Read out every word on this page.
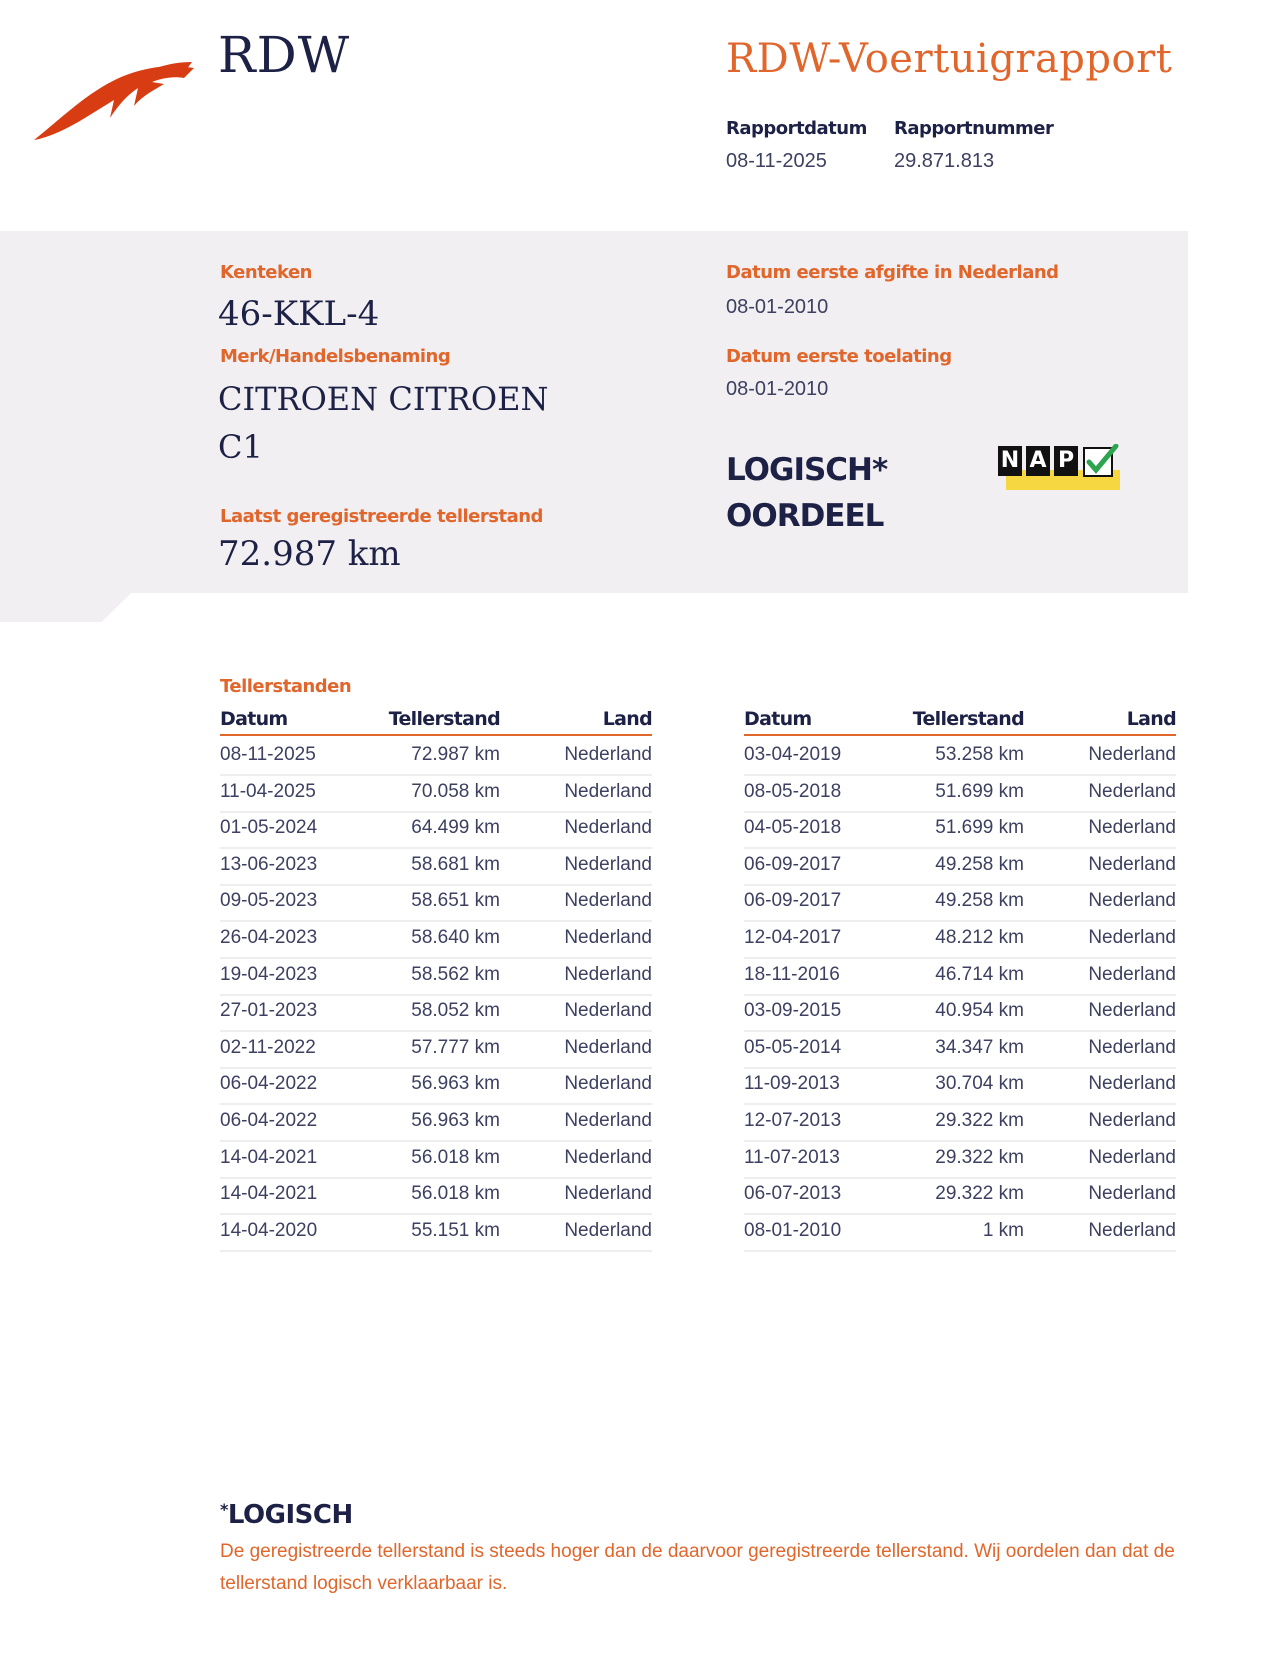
RDW	RDW-Voertuigrapport
Rapportdatum
08-11-2025
Rapportnummer
29.871.813
Kenteken
46-KKL-4
Merk/Handelsbenaming
CITROEN CITROEN
C1
Laatst geregistreerde tellerstand
72.987 km
Datum eerste afgifte in Nederland
08-01-2010
Datum eerste toelating
08-01-2010
LOGISCH*
OORDEEL
N A P
Tellerstanden
Datum	Tellerstand	Land
08-11-2025	72.987 km	Nederland
11-04-2025	70.058 km	Nederland
01-05-2024	64.499 km	Nederland
13-06-2023	58.681 km	Nederland
09-05-2023	58.651 km	Nederland
26-04-2023	58.640 km	Nederland
19-04-2023	58.562 km	Nederland
27-01-2023	58.052 km	Nederland
02-11-2022	57.777 km	Nederland
06-04-2022	56.963 km	Nederland
06-04-2022	56.963 km	Nederland
14-04-2021	56.018 km	Nederland
14-04-2021	56.018 km	Nederland
14-04-2020	55.151 km	Nederland
Datum	Tellerstand	Land
03-04-2019	53.258 km	Nederland
08-05-2018	51.699 km	Nederland
04-05-2018	51.699 km	Nederland
06-09-2017	49.258 km	Nederland
06-09-2017	49.258 km	Nederland
12-04-2017	48.212 km	Nederland
18-11-2016	46.714 km	Nederland
03-09-2015	40.954 km	Nederland
05-05-2014	34.347 km	Nederland
11-09-2013	30.704 km	Nederland
12-07-2013	29.322 km	Nederland
11-07-2013	29.322 km	Nederland
06-07-2013	29.322 km	Nederland
08-01-2010	1 km	Nederland
*LOGISCH
De geregistreerde tellerstand is steeds hoger dan de daarvoor geregistreerde tellerstand. Wij oordelen dan dat de tellerstand logisch verklaarbaar is.
